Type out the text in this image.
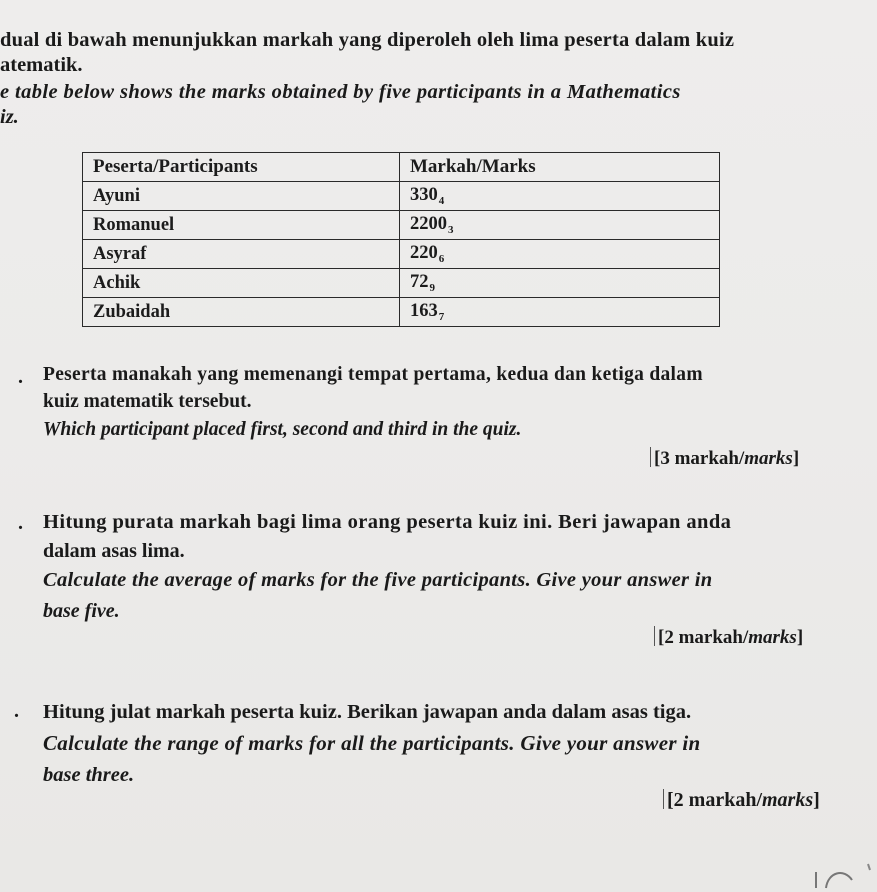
dual di bawah menunjukkan markah yang diperoleh oleh lima peserta dalam kuiz
atematik.
e table below shows the marks obtained by five participants in a Mathematics
iz.
Peserta/Participants	Markah/Marks
Ayuni	3304
Romanuel	22003
Asyraf	2206
Achik	729
Zubaidah	1637
. Peserta manakah yang memenangi tempat pertama, kedua dan ketiga dalam
kuiz matematik tersebut.
Which participant placed first, second and third in the quiz.
[3 markah/marks]
. Hitung purata markah bagi lima orang peserta kuiz ini. Beri jawapan anda
dalam asas lima.
Calculate the average of marks for the five participants. Give your answer in
base five.
[2 markah/marks]
. Hitung julat markah peserta kuiz. Berikan jawapan anda dalam asas tiga.
Calculate the range of marks for all the participants. Give your answer in
base three.
[2 markah/marks]
